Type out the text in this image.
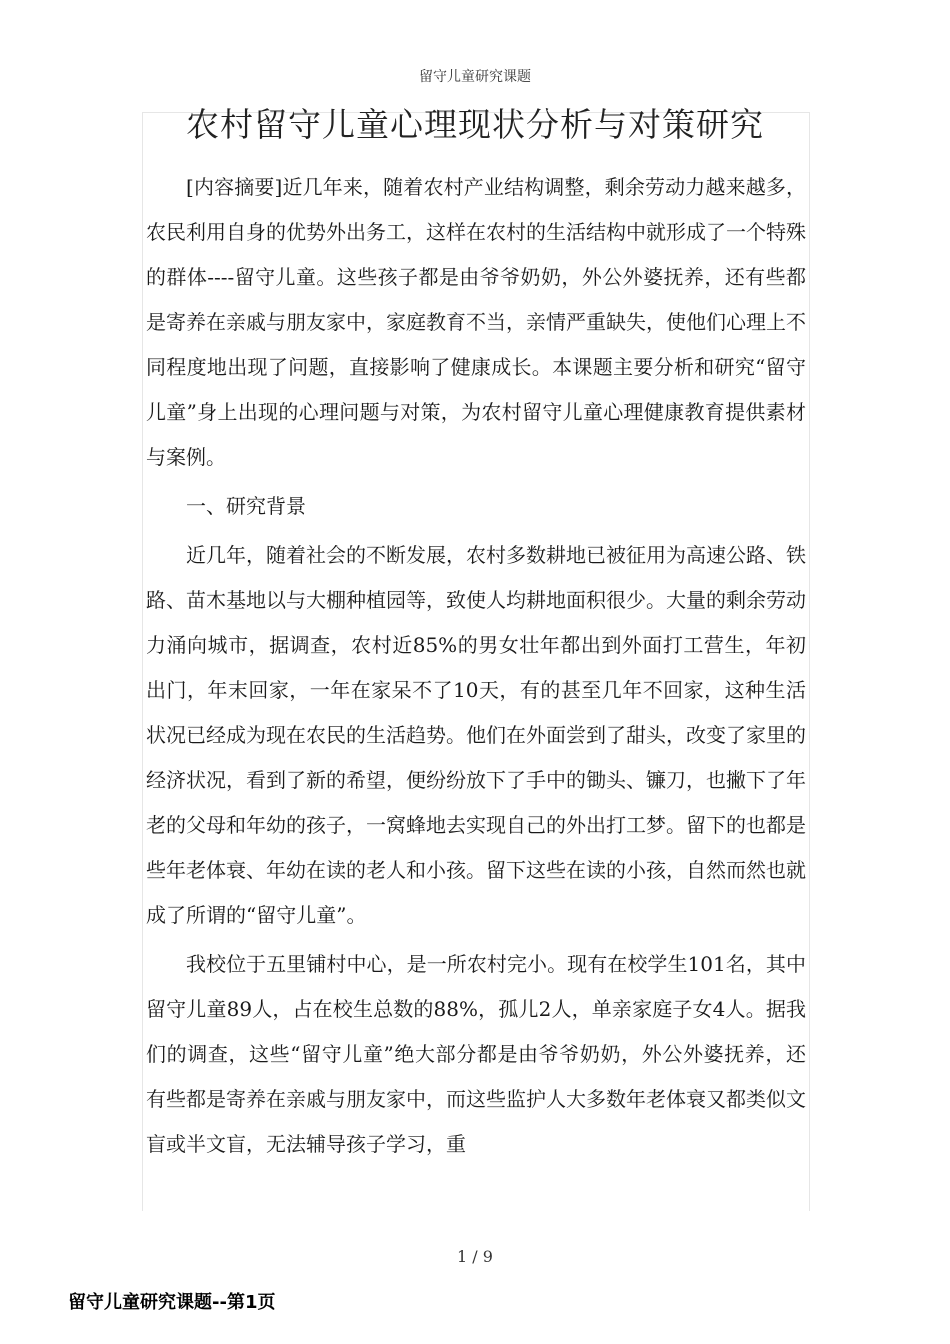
留守儿童研究课题
农村留守儿童心理现状分析与对策研究

[内容摘要]近几年来，随着农村产业结构调整，剩余劳动力越来越多，农民利用自身的优势外出务工，这样在农村的生活结构中就形成了一个特殊的群体----留守儿童。这些孩子都是由爷爷奶奶，外公外婆抚养，还有些都是寄养在亲戚与朋友家中，家庭教育不当，亲情严重缺失，使他们心理上不同程度地出现了问题，直接影响了健康成长。本课题主要分析和研究“留守儿童”身上出现的心理问题与对策，为农村留守儿童心理健康教育提供素材与案例。

一、研究背景

近几年，随着社会的不断发展，农村多数耕地已被征用为高速公路、铁路、苗木基地以与大棚种植园等，致使人均耕地面积很少。大量的剩余劳动力涌向城市，据调查，农村近85%的男女壮年都出到外面打工营生，年初出门，年末回家，一年在家呆不了10天，有的甚至几年不回家，这种生活状况已经成为现在农民的生活趋势。他们在外面尝到了甜头，改变了家里的经济状况，看到了新的希望，便纷纷放下了手中的锄头、镰刀，也撇下了年老的父母和年幼的孩子，一窝蜂地去实现自己的外出打工梦。留下的也都是些年老体衰、年幼在读的老人和小孩。留下这些在读的小孩，自然而然也就成了所谓的“留守儿童”。

我校位于五里铺村中心，是一所农村完小。现有在校学生101名，其中留守儿童89人，占在校生总数的88%，孤儿2人，单亲家庭子女4人。据我们的调查，这些“留守儿童”绝大部分都是由爷爷奶奶，外公外婆抚养，还有些都是寄养在亲戚与朋友家中，而这些监护人大多数年老体衰又都类似文盲或半文盲，无法辅导孩子学习，重

1 / 9
留守儿童研究课题--第1页
